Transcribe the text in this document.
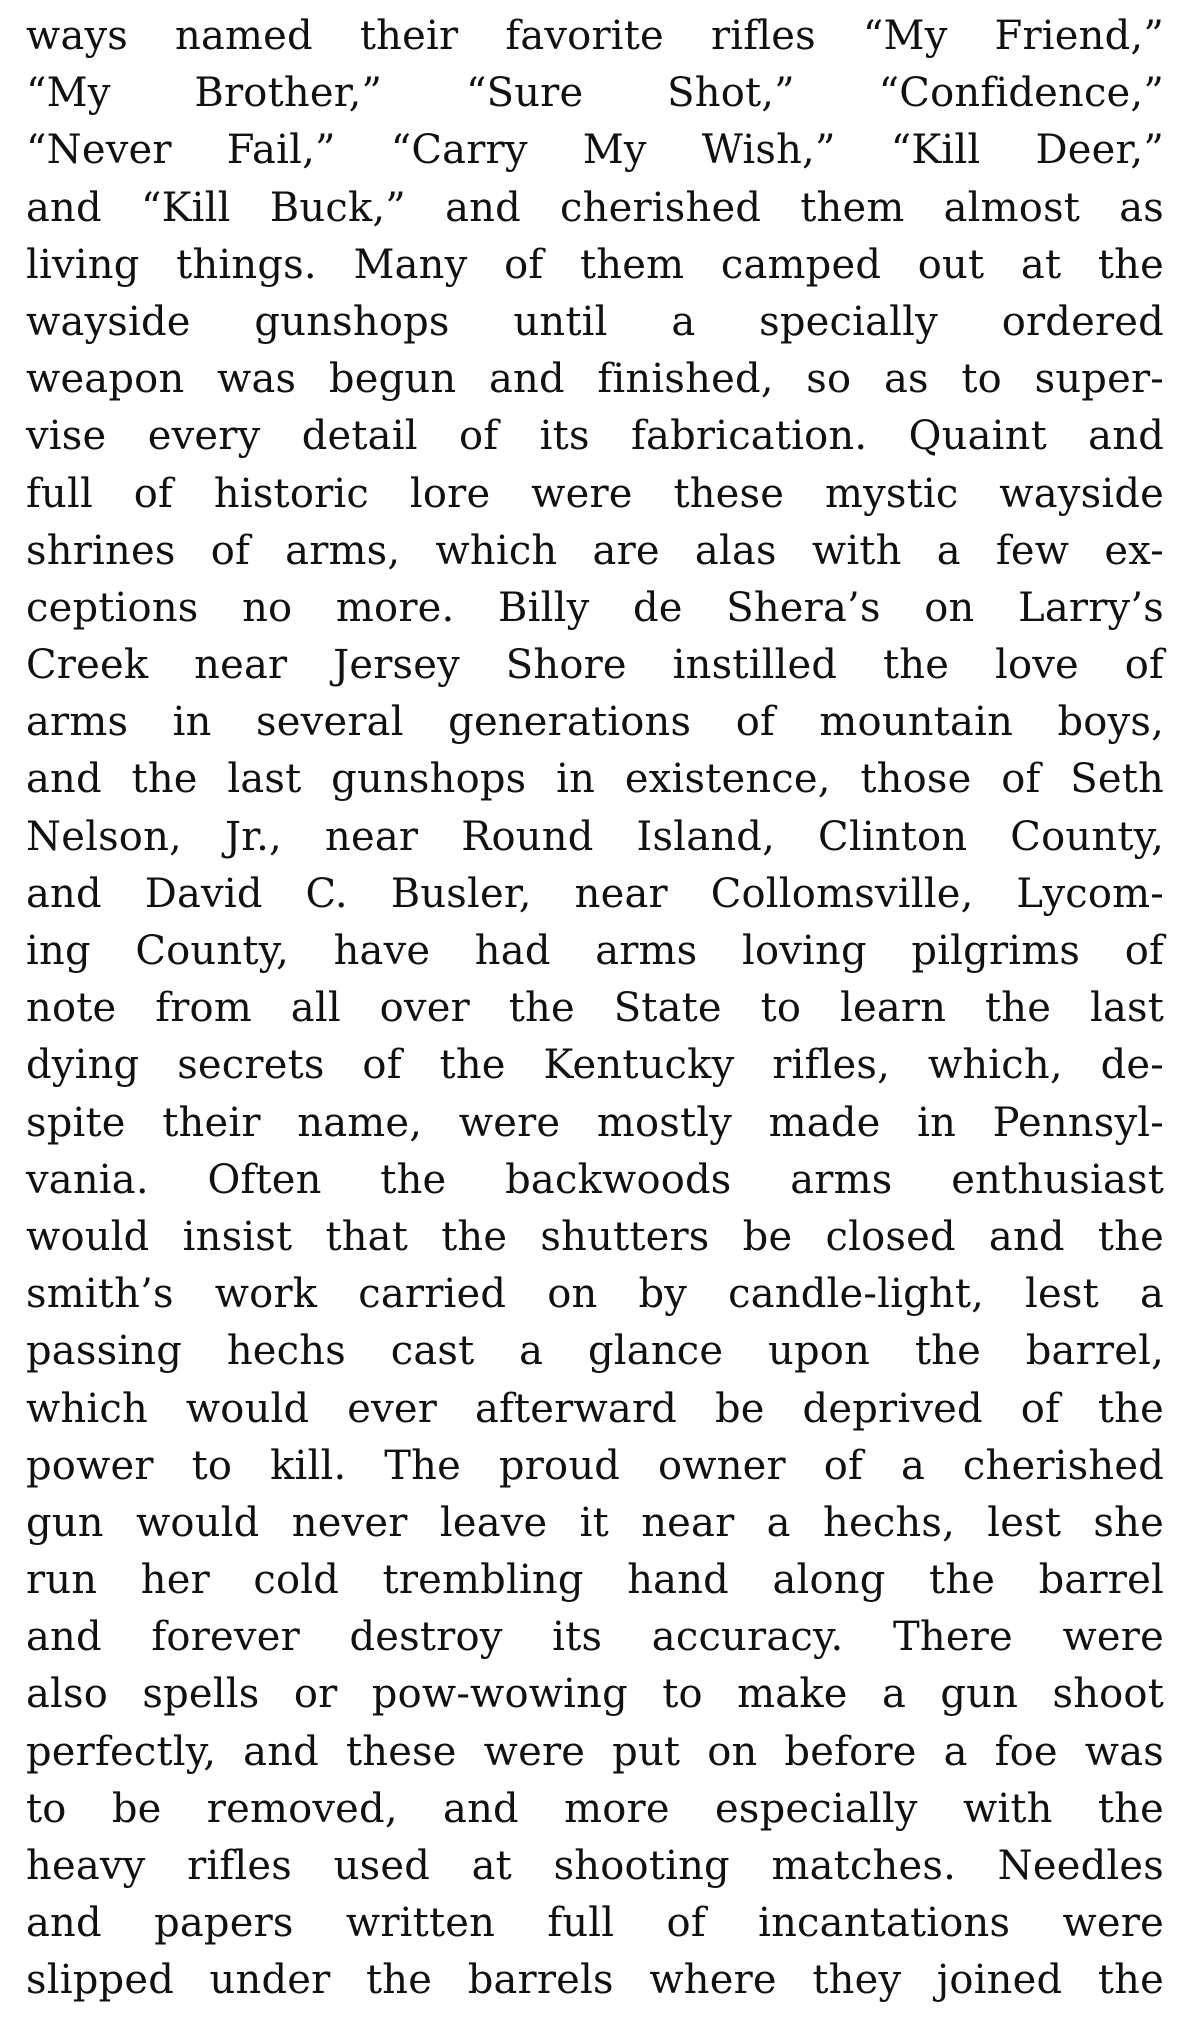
ways named their favorite rifles “My Friend,”
“My Brother,” “Sure Shot,” “Confidence,”
“Never Fail,” “Carry My Wish,” “Kill Deer,”
and “Kill Buck,” and cherished them almost as
living things. Many of them camped out at the
wayside gunshops until a specially ordered
weapon was begun and finished, so as to super-
vise every detail of its fabrication. Quaint and
full of historic lore were these mystic wayside
shrines of arms, which are alas with a few ex-
ceptions no more. Billy de Shera’s on Larry’s
Creek near Jersey Shore instilled the love of
arms in several generations of mountain boys,
and the last gunshops in existence, those of Seth
Nelson, Jr., near Round Island, Clinton County,
and David C. Busler, near Collomsville, Lycom-
ing County, have had arms loving pilgrims of
note from all over the State to learn the last
dying secrets of the Kentucky rifles, which, de-
spite their name, were mostly made in Pennsyl-
vania. Often the backwoods arms enthusiast
would insist that the shutters be closed and the
smith’s work carried on by candle-light, lest a
passing hechs cast a glance upon the barrel,
which would ever afterward be deprived of the
power to kill. The proud owner of a cherished
gun would never leave it near a hechs, lest she
run her cold trembling hand along the barrel
and forever destroy its accuracy. There were
also spells or pow-wowing to make a gun shoot
perfectly, and these were put on before a foe was
to be removed, and more especially with the
heavy rifles used at shooting matches. Needles
and papers written full of incantations were
slipped under the barrels where they joined the
